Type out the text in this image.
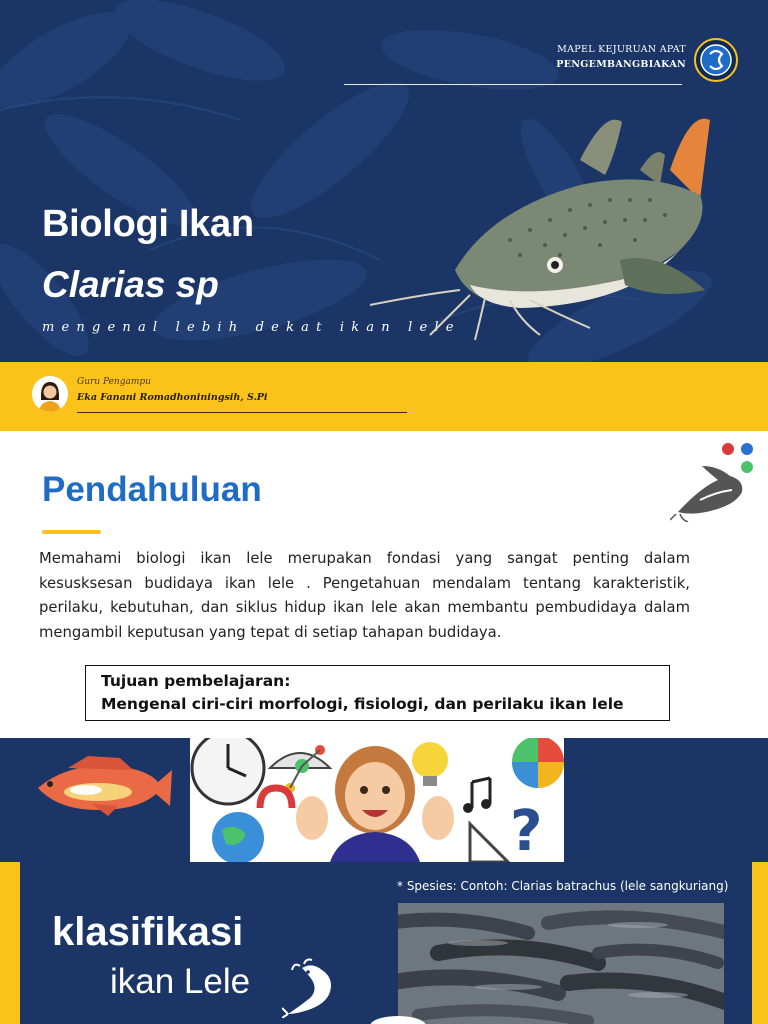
MAPEL KEJURUAN APAT
PENGEMBANGBIAKAN
Biologi Ikan
Clarias sp
mengenal lebih dekat ikan lele
Guru Pengampu
Eka Fanani Romadhoniningsih, S.Pi
Pendahuluan

Memahami biologi ikan lele merupakan fondasi yang sangat penting dalam kesusksesan budidaya ikan lele . Pengetahuan mendalam tentang karakteristik, perilaku, kebutuhan, dan siklus hidup ikan lele akan membantu pembudidaya dalam mengambil keputusan yang tepat di setiap tahapan budidaya.

Tujuan pembelajaran:
Mengenal ciri-ciri morfologi, fisiologi, dan perilaku ikan lele
?
* Spesies: Contoh: Clarias batrachus (lele sangkuriang)
klasifikasi
ikan Lele
